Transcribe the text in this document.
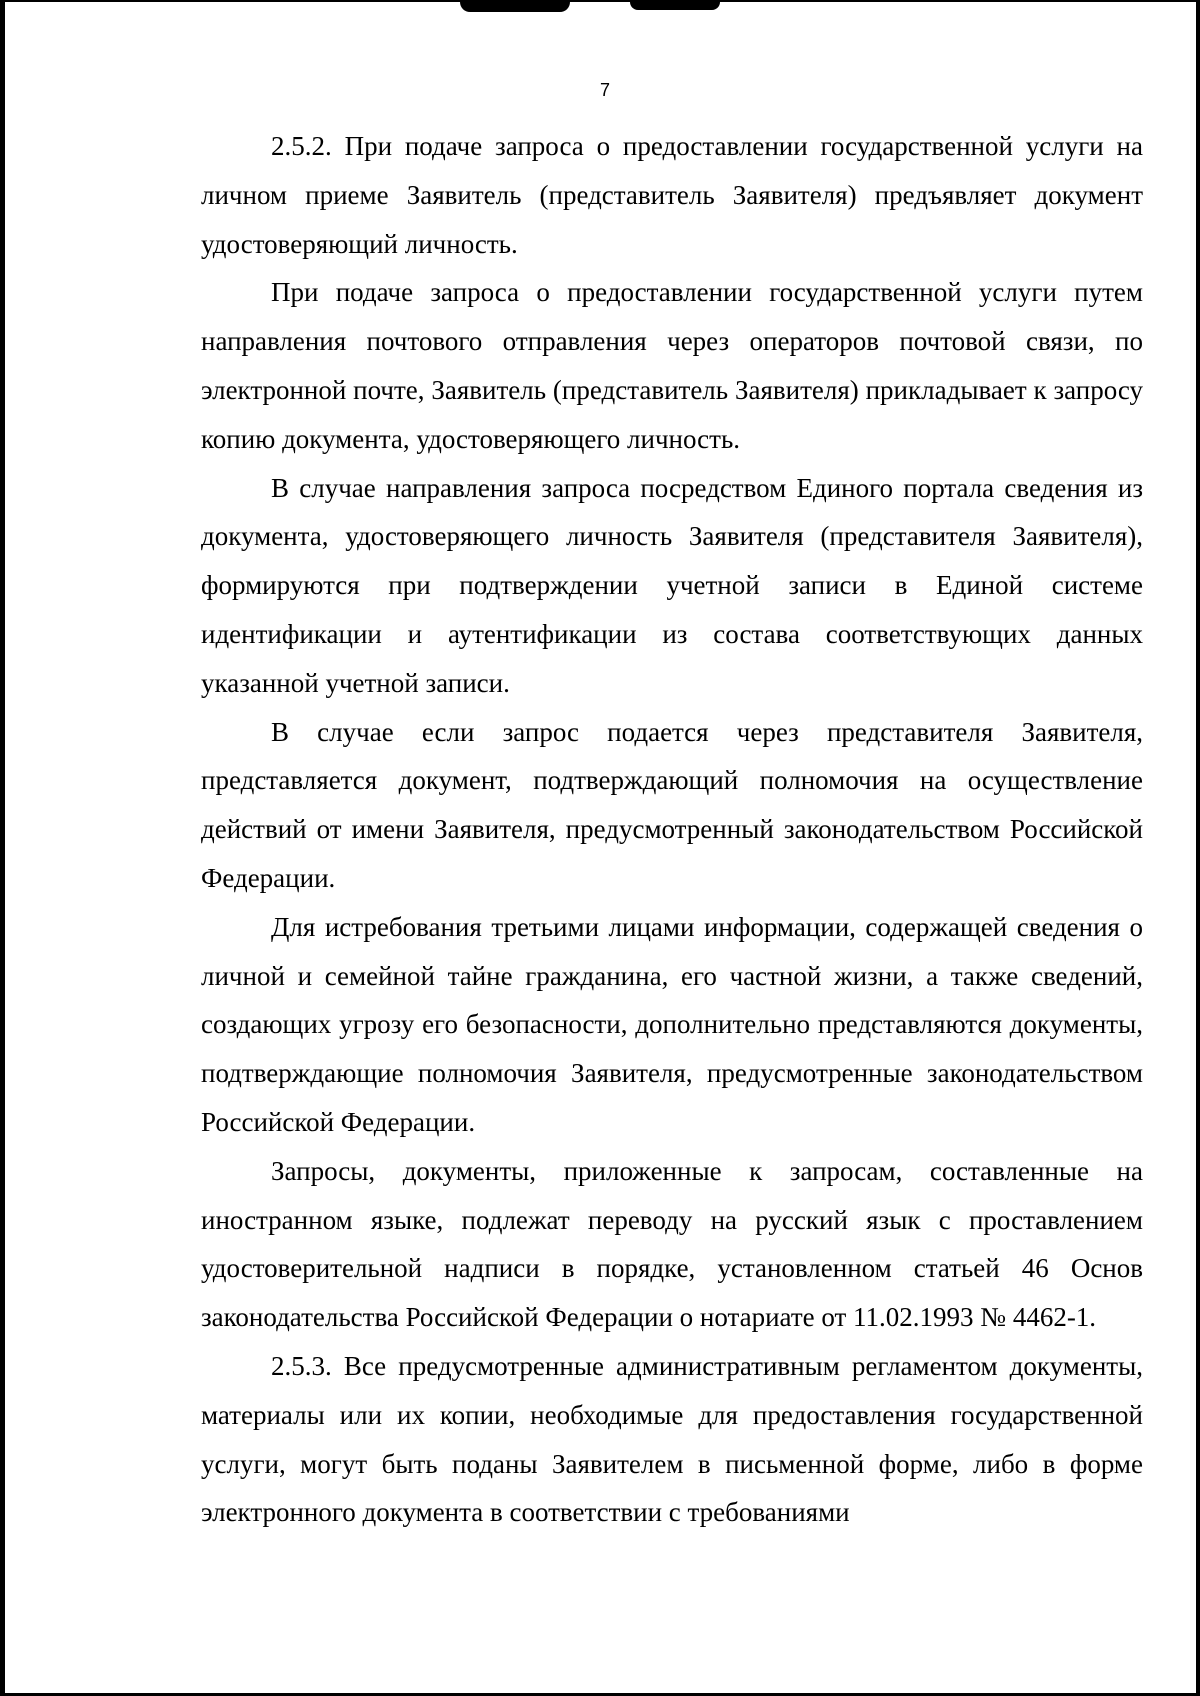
7

2.5.2. При подаче запроса о предоставлении государственной услуги на личном приеме Заявитель (представитель Заявителя) предъявляет документ удостоверяющий личность.

При подаче запроса о предоставлении государственной услуги путем направления почтового отправления через операторов почтовой связи, по электронной почте, Заявитель (представитель Заявителя) прикладывает к запросу копию документа, удостоверяющего личность.

В случае направления запроса посредством Единого портала сведения из документа, удостоверяющего личность Заявителя (представителя Заявителя), формируются при подтверждении учетной записи в Единой системе идентификации и аутентификации из состава соответствующих данных указанной учетной записи.

В случае если запрос подается через представителя Заявителя, представляется документ, подтверждающий полномочия на осуществление действий от имени Заявителя, предусмотренный законодательством Российской Федерации.

Для истребования третьими лицами информации, содержащей сведения о личной и семейной тайне гражданина, его частной жизни, а также сведений, создающих угрозу его безопасности, дополнительно представляются документы, подтверждающие полномочия Заявителя, предусмотренные законодательством Российской Федерации.

Запросы, документы, приложенные к запросам, составленные на иностранном языке, подлежат переводу на русский язык с проставлением удостоверительной надписи в порядке, установленном статьей 46 Основ законодательства Российской Федерации о нотариате от 11.02.1993 № 4462-1.

2.5.3. Все предусмотренные административным регламентом документы, материалы или их копии, необходимые для предоставления государственной услуги, могут быть поданы Заявителем в письменной форме, либо в форме электронного документа в соответствии с требованиями
